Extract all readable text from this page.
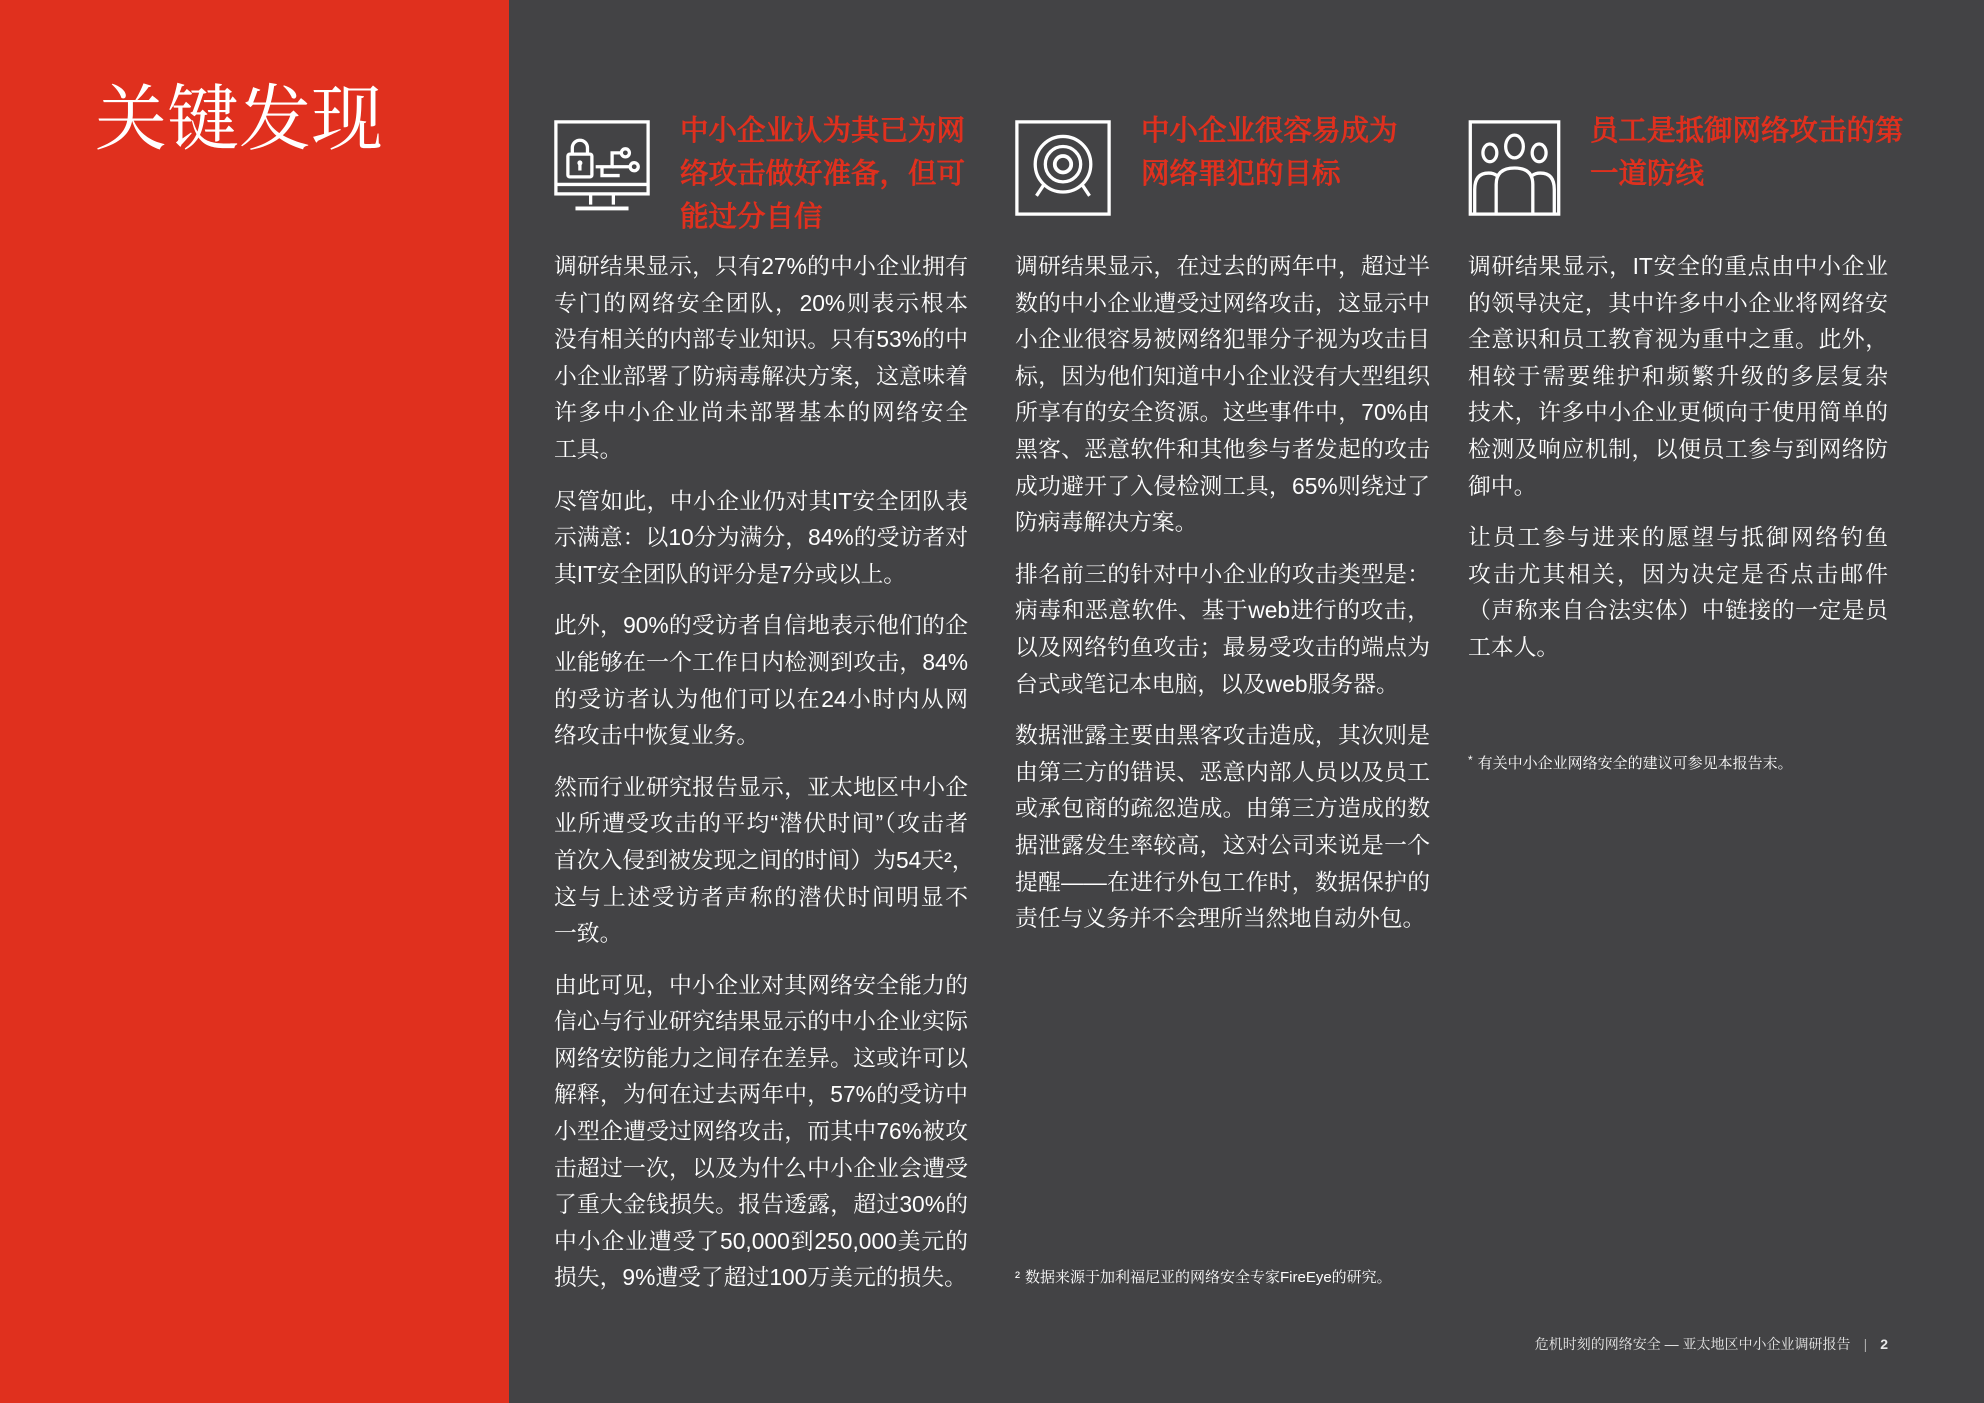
关键发现	中小企业认为其已为网
络攻击做好准备，但可
能过分自信
调研结果显示，只有27%的中小企业拥有
专门的网络安全团队，20%则表示根本
没有相关的内部专业知识。只有53%的中
小企业部署了防病毒解决方案，这意味着
许多中小企业尚未部署基本的网络安全
工具。
尽管如此，中小企业仍对其IT安全团队表
示满意：以10分为满分，84%的受访者对
其IT安全团队的评分是7分或以上。
此外，90%的受访者自信地表示他们的企
业能够在一个工作日内检测到攻击，84%
的受访者认为他们可以在24小时内从网
络攻击中恢复业务。
然而行业研究报告显示，亚太地区中小企
业所遭受攻击的平均“潜伏时间”（攻击者
首次入侵到被发现之间的时间）为54天²，
这与上述受访者声称的潜伏时间明显不
一致。
由此可见，中小企业对其网络安全能力的
信心与行业研究结果显示的中小企业实际
网络安防能力之间存在差异。这或许可以
解释，为何在过去两年中，57%的受访中
小型企遭受过网络攻击，而其中76%被攻
击超过一次，以及为什么中小企业会遭受
了重大金钱损失。报告透露，超过30%的
中小企业遭受了50,000到250,000美元的
损失，9%遭受了超过100万美元的损失。
中小企业很容易成为
网络罪犯的目标
调研结果显示，在过去的两年中，超过半
数的中小企业遭受过网络攻击，这显示中
小企业很容易被网络犯罪分子视为攻击目
标，因为他们知道中小企业没有大型组织
所享有的安全资源。这些事件中，70%由
黑客、恶意软件和其他参与者发起的攻击
成功避开了入侵检测工具，65%则绕过了
防病毒解决方案。
排名前三的针对中小企业的攻击类型是：
病毒和恶意软件、基于web进行的攻击，
以及网络钓鱼攻击；最易受攻击的端点为
台式或笔记本电脑，以及web服务器。
数据泄露主要由黑客攻击造成，其次则是
由第三方的错误、恶意内部人员以及员工
或承包商的疏忽造成。由第三方造成的数
据泄露发生率较高，这对公司来说是一个
提醒——在进行外包工作时，数据保护的
责任与义务并不会理所当然地自动外包。
² 数据来源于加利福尼亚的网络安全专家FireEye的研究。
员工是抵御网络攻击的第
一道防线
调研结果显示，IT安全的重点由中小企业
的领导决定，其中许多中小企业将网络安
全意识和员工教育视为重中之重。此外，
相较于需要维护和频繁升级的多层复杂
技术，许多中小企业更倾向于使用简单的
检测及响应机制，以便员工参与到网络防
御中。
让员工参与进来的愿望与抵御网络钓鱼
攻击尤其相关，因为决定是否点击邮件
（声称来自合法实体）中链接的一定是员
工本人。
* 有关中小企业网络安全的建议可参见本报告末。
危机时刻的网络安全 — 亚太地区中小企业调研报告 | 2
